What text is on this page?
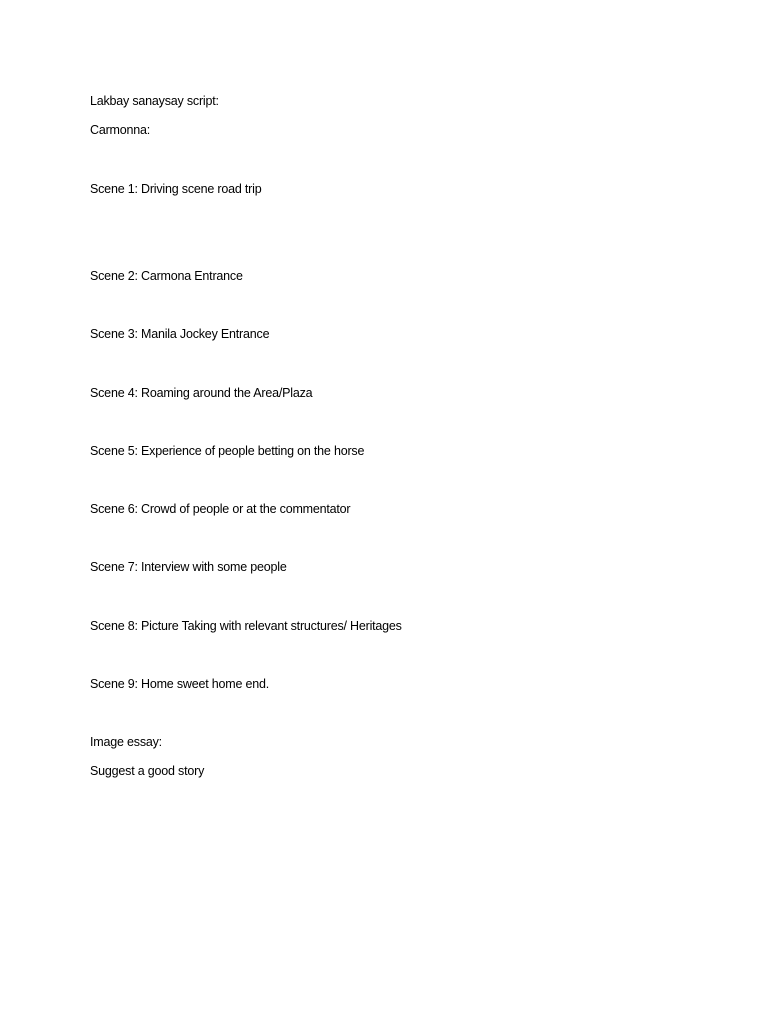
Lakbay sanaysay script:
Carmonna:
Scene 1: Driving scene road trip
Scene 2: Carmona Entrance
Scene 3: Manila Jockey Entrance
Scene 4: Roaming around the Area/Plaza
Scene 5: Experience of people betting on the horse
Scene 6: Crowd of people or at the commentator
Scene 7: Interview with some people
Scene 8: Picture Taking with relevant structures/ Heritages
Scene 9: Home sweet home end.
Image essay:
Suggest a good story
